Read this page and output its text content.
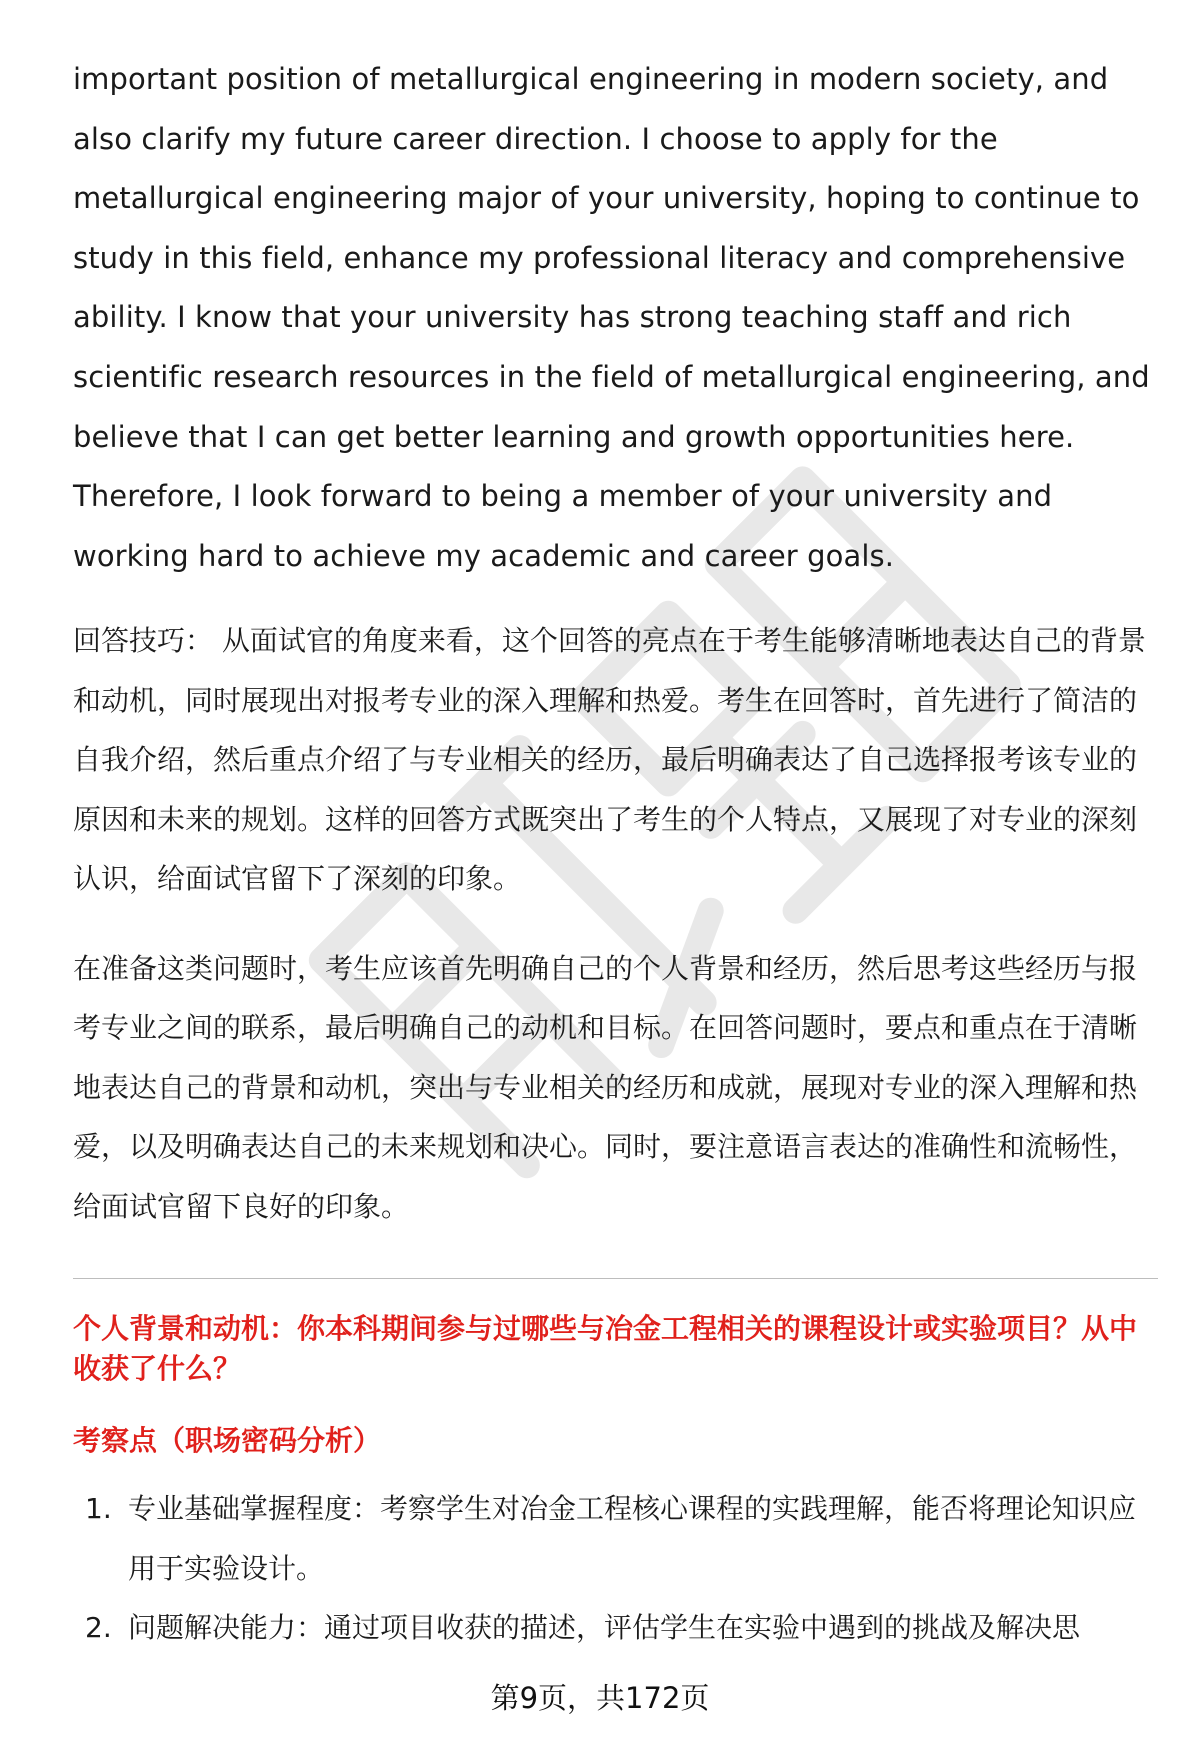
important position of metallurgical engineering in modern society, and also clarify my future career direction. I choose to apply for the metallurgical engineering major of your university, hoping to continue to study in this field, enhance my professional literacy and comprehensive ability. I know that your university has strong teaching staff and rich scientific research resources in the field of metallurgical engineering, and believe that I can get better learning and growth opportunities here. Therefore, I look forward to being a member of your university and working hard to achieve my academic and career goals.

回答技巧： 从面试官的角度来看，这个回答的亮点在于考生能够清晰地表达自己的背景和动机，同时展现出对报考专业的深入理解和热爱。考生在回答时，首先进行了简洁的自我介绍，然后重点介绍了与专业相关的经历，最后明确表达了自己选择报考该专业的原因和未来的规划。这样的回答方式既突出了考生的个人特点，又展现了对专业的深刻认识，给面试官留下了深刻的印象。

在准备这类问题时，考生应该首先明确自己的个人背景和经历，然后思考这些经历与报考专业之间的联系，最后明确自己的动机和目标。在回答问题时，要点和重点在于清晰地表达自己的背景和动机，突出与专业相关的经历和成就，展现对专业的深入理解和热爱，以及明确表达自己的未来规划和决心。同时，要注意语言表达的准确性和流畅性，给面试官留下良好的印象。

个人背景和动机：你本科期间参与过哪些与冶金工程相关的课程设计或实验项目？从中收获了什么？
考察点（职场密码分析）
1. 专业基础掌握程度：考察学生对冶金工程核心课程的实践理解，能否将理论知识应用于实验设计。
2. 问题解决能力：通过项目收获的描述，评估学生在实验中遇到的挑战及解决思
第9页，共172页
